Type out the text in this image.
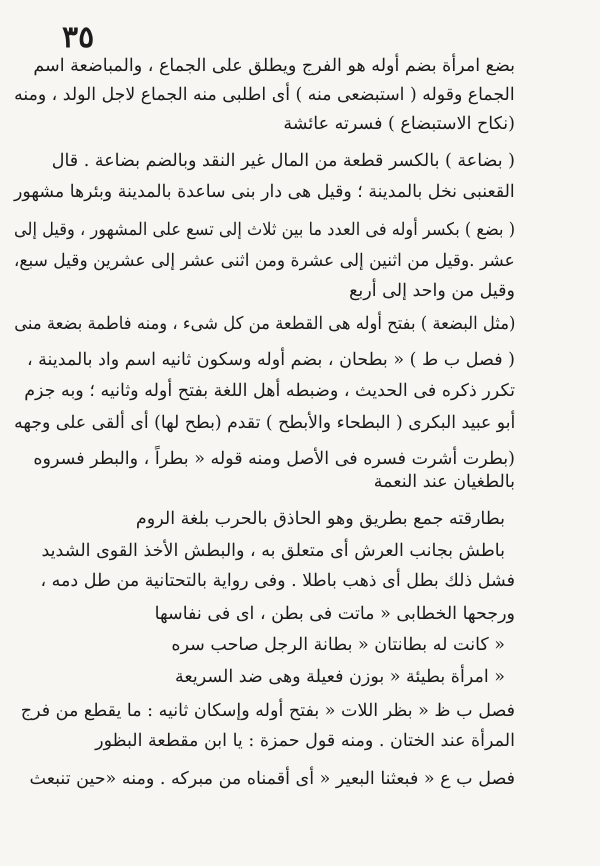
٣٥
بضع امرأة بضم أوله هو الفرج ويطلق على الجماع ، والمباضعة اسم
الجماع وقوله ( استبضعى منه ) أى اطلبى منه الجماع لاجل الولد ، ومنه
(نكاح الاستبضاع ) فسرته عائشة
( بضاعة ) بالكسر قطعة من المال غير النقد وبالضم بضاعة . قال
القعنبى نخل بالمدينة ؛ وقيل هى دار بنى ساعدة بالمدينة وبئرها مشهور
( بضع ) بكسر أوله فى العدد ما بين ثلاث إلى تسع على المشهور ، وقيل إلى
عشر .وقيل من اثنين إلى عشرة ومن اثنى عشر إلى عشرين وقيل سبع،
وقيل من واحد إلى أربع
(مثل البضعة ) بفتح أوله هى القطعة من كل شىء ، ومنه فاطمة بضعة منى
( فصل ب ط ) « بطحان ، بضم أوله وسكون ثانيه اسم واد بالمدينة ،
تكرر ذكره فى الحديث ، وضبطه أهل اللغة بفتح أوله وثانيه ؛ وبه جزم
أبو عبيد البكرى ( البطحاء والأبطح ) تقدم (بطح لها) أى ألقى على وجهه
(بطرت أشرت فسره فى الأصل ومنه قوله « بطراً ، والبطر فسروه
بالطغيان عند النعمة
بطارقته جمع بطريق وهو الحاذق بالحرب بلغة الروم
باطش بجانب العرش أى متعلق به ، والبطش الأخذ القوى الشديد
فشل ذلك بطل أى ذهب باطلا . وفى رواية بالتحتانية من طل دمه ،
ورجحها الخطابى « ماتت فى بطن ، اى فى نفاسها
« كانت له بطانتان « بطانة الرجل صاحب سره
« امرأة بطيئة « بوزن فعيلة وهى ضد السريعة
فصل ب ظ « بظر اللات « بفتح أوله وإسكان ثانيه : ما يقطع من فرج
المرأة عند الختان . ومنه قول حمزة : يا ابن مقطعة البظور
فصل ب ع « فبعثنا البعير « أى أقمناه من مبركه . ومنه «حين تنبعث
